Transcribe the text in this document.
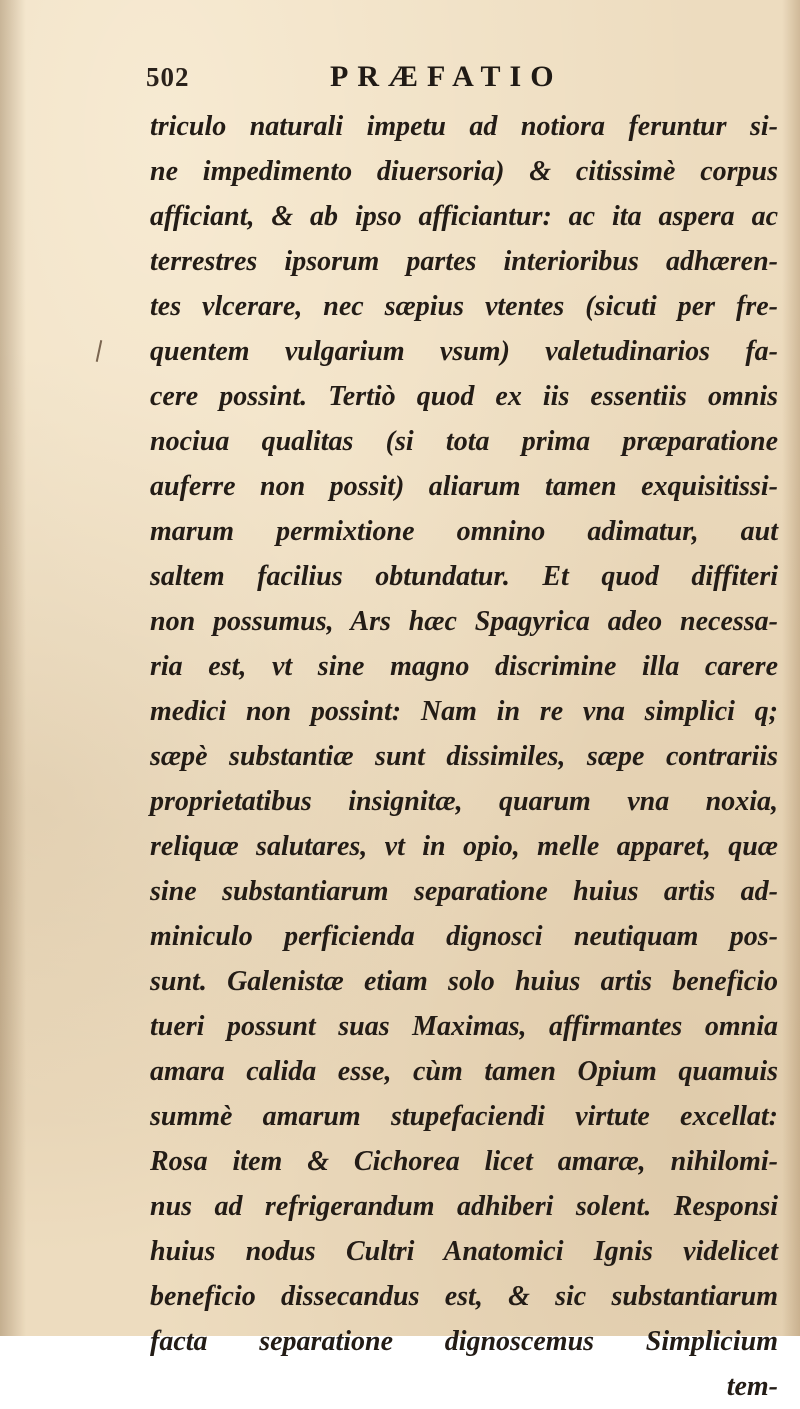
502	PRÆFATIO
triculo naturali impetu ad notiora feruntur si-
ne impedimento diuersoria) & citissimè corpus
afficiant, & ab ipso afficiantur: ac ita aspera ac
terrestres ipsorum partes interioribus adhæren-
tes vlcerare, nec sæpius vtentes (sicuti per fre-
quentem vulgarium vsum) valetudinarios fa-
cere possint. Tertiò quod ex iis essentiis omnis
nociua qualitas (si tota prima præparatione
auferre non possit) aliarum tamen exquisitissi-
marum permixtione omnino adimatur, aut
saltem facilius obtundatur. Et quod diffiteri
non possumus, Ars hæc Spagyrica adeo necessa-
ria est, vt sine magno discrimine illa carere
medici non possint: Nam in re vna simplici q;
sæpè substantiæ sunt dissimiles, sæpe contrariis
proprietatibus insignitæ, quarum vna noxia,
reliquæ salutares, vt in opio, melle apparet, quæ
sine substantiarum separatione huius artis ad-
miniculo perficienda dignosci neutiquam pos-
sunt. Galenistæ etiam solo huius artis beneficio
tueri possunt suas Maximas, affirmantes omnia
amara calida esse, cùm tamen Opium quamuis
summè amarum stupefaciendi virtute excellat:
Rosa item & Cichorea licet amaræ, nihilomi-
nus ad refrigerandum adhiberi solent. Responsi
huius nodus Cultri Anatomici Ignis videlicet
beneficio dissecandus est, & sic substantiarum
facta separatione dignoscemus Simplicium
tem-
